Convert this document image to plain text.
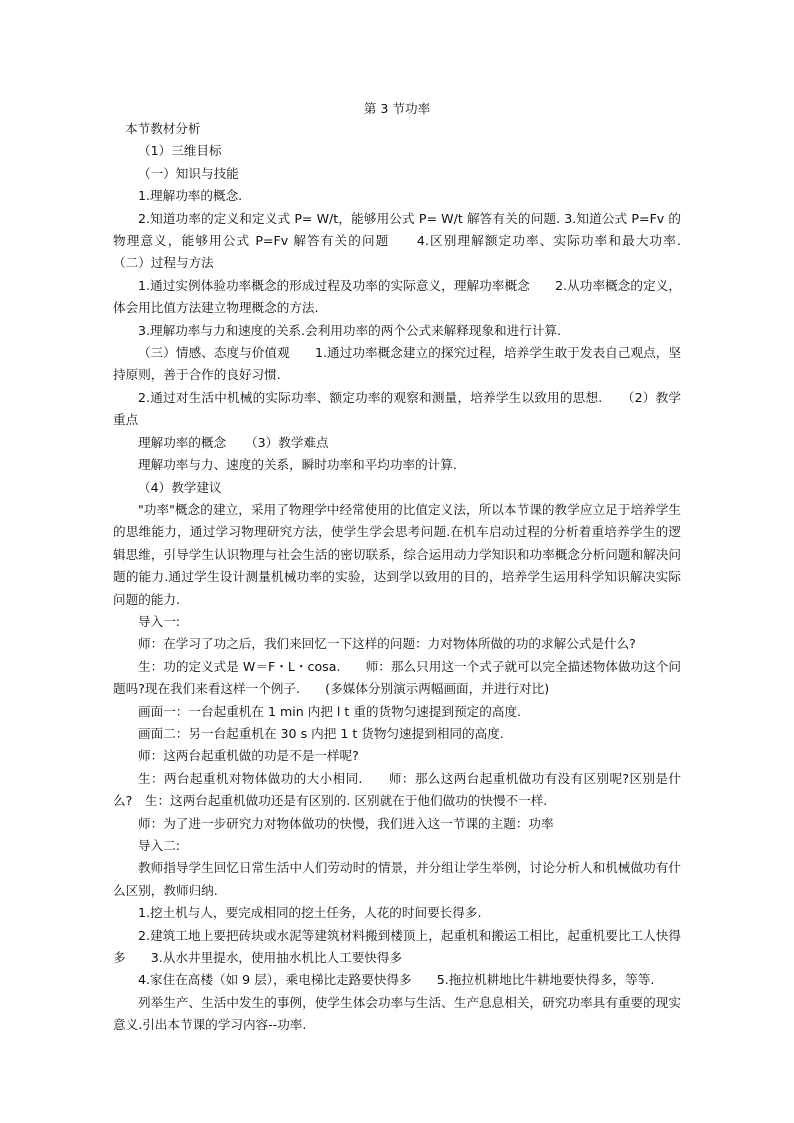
第 3 节功率

本节教材分析

（1）三维目标

（一）知识与技能

1.理解功率的概念.

2.知道功率的定义和定义式 P= W/t，能够用公式 P= W/t 解答有关的问题. 3.知道公式 P=Fv 的物理意义，能够用公式 P=Fv 解答有关的问题　　4.区别理解额定功率、实际功率和最大功率.　　（二）过程与方法

1.通过实例体验功率概念的形成过程及功率的实际意义，理解功率概念　　2.从功率概念的定义，体会用比值方法建立物理概念的方法.

3.理解功率与力和速度的关系.会利用功率的两个公式来解释现象和进行计算.

（三）情感、态度与价值观　　1.通过功率概念建立的探究过程，培养学生敢于发表自己观点，坚持原则，善于合作的良好习惯.

2.通过对生活中机械的实际功率、额定功率的观察和测量，培养学生以致用的思想.　　（2）教学重点

理解功率的概念　　（3）教学难点

理解功率与力、速度的关系，瞬时功率和平均功率的计算.

（4）教学建议

"功率"概念的建立，采用了物理学中经常使用的比值定义法，所以本节课的教学应立足于培养学生的思维能力，通过学习物理研究方法，使学生学会思考问题.在机车启动过程的分析着重培养学生的逻辑思维，引导学生认识物理与社会生活的密切联系，综合运用动力学知识和功率概念分析问题和解决问题的能力.通过学生设计测量机械功率的实验，达到学以致用的目的，培养学生运用科学知识解决实际问题的能力.

导入一:

师：在学习了功之后，我们来回忆一下这样的问题：力对物体所做的功的求解公式是什么?

生：功的定义式是 W＝F・L・cosa.　　师：那么只用这一个式子就可以完全描述物体做功这个问题吗?现在我们来看这样一个例子.　　(多媒体分别演示两幅画面，并进行对比)

画面一：一台起重机在 1 min 内把 l t 重的货物匀速提到预定的高度.

画面二：另一台起重机在 30 s 内把 1 t 货物匀速提到相同的高度.

师：这两台起重机做的功是不是一样呢?

生：两台起重机对物体做功的大小相同.　　师：那么这两台起重机做功有没有区别呢?区别是什么?　生：这两台起重机做功还是有区别的. 区别就在于他们做功的快慢不一样.

师：为了进一步研究力对物体做功的快慢，我们进入这一节课的主题：功率

导入二:

教师指导学生回忆日常生活中人们劳动时的情景，并分组让学生举例，讨论分析人和机械做功有什么区别，教师归纳.

1.挖土机与人，要完成相同的挖土任务，人花的时间要长得多.

2.建筑工地上要把砖块或水泥等建筑材料搬到楼顶上，起重机和搬运工相比，起重机要比工人快得多　　3.从水井里提水，使用抽水机比人工要快得多

4.家住在高楼（如 9 层），乘电梯比走路要快得多　　5.拖拉机耕地比牛耕地要快得多，等等.

列举生产、生活中发生的事例，使学生体会功率与生活、生产息息相关，研究功率具有重要的现实意义.引出本节课的学习内容--功率.
